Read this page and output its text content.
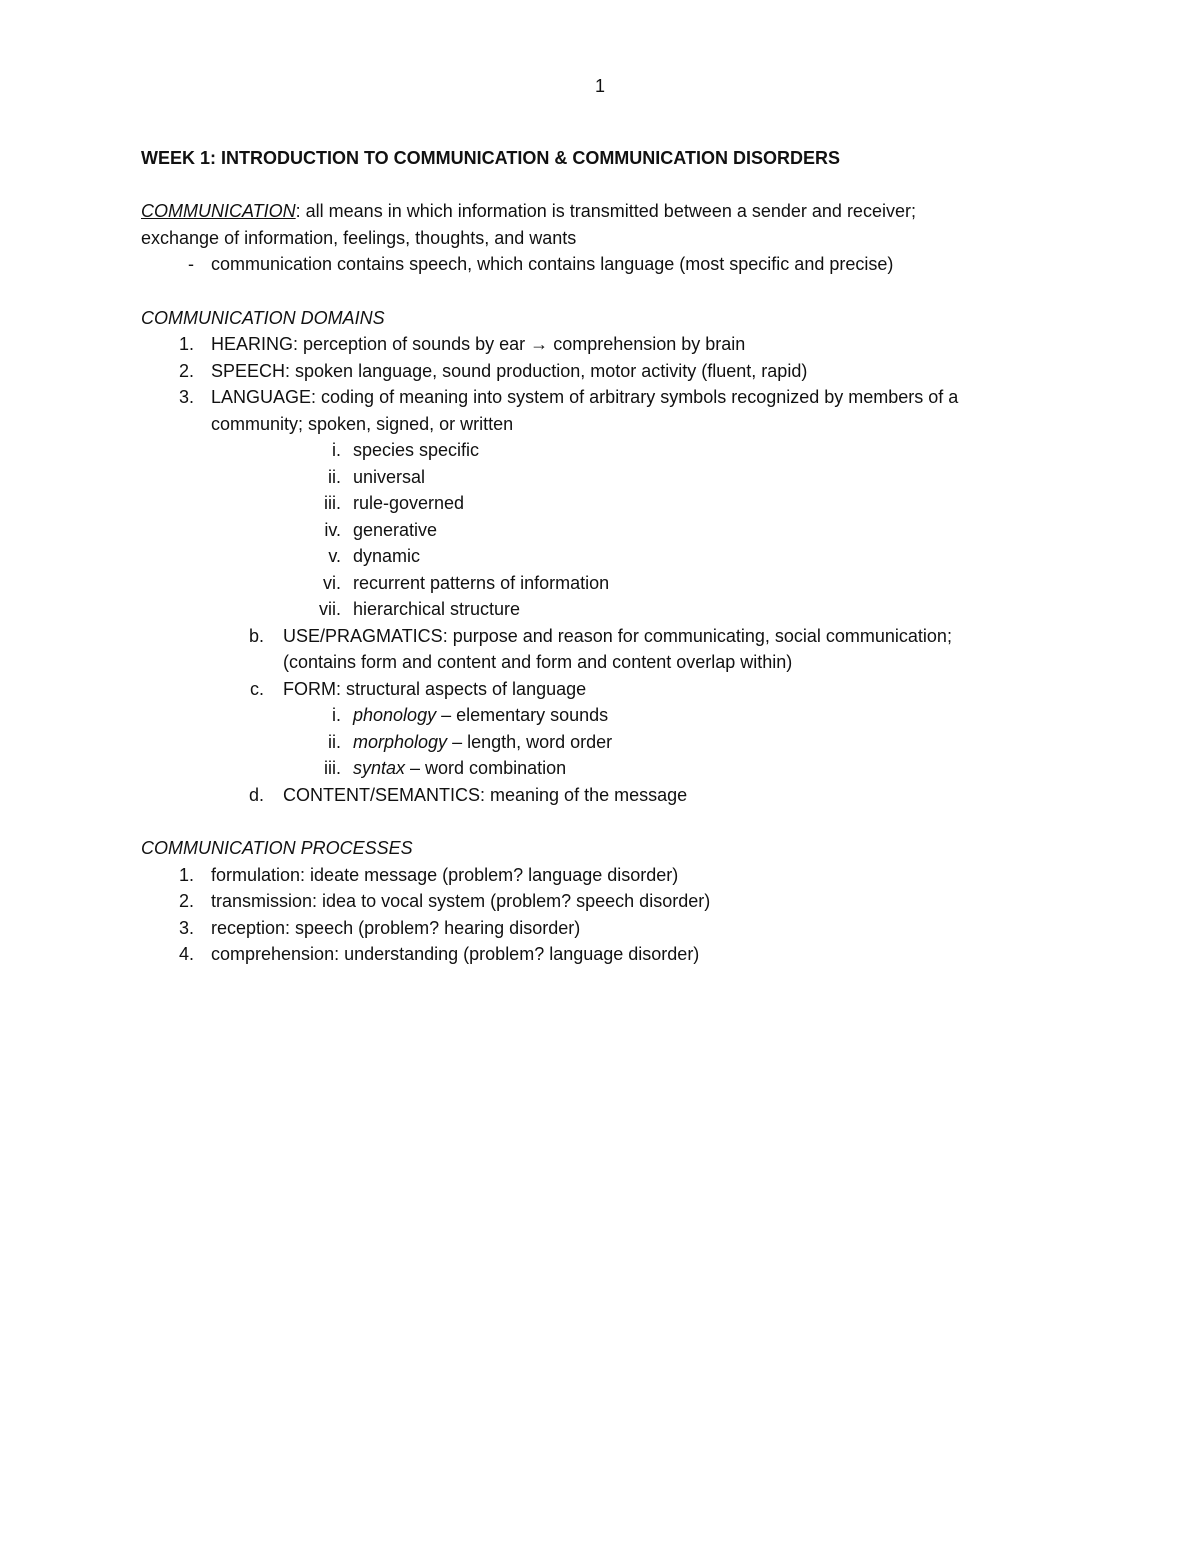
1
WEEK 1: INTRODUCTION TO COMMUNICATION & COMMUNICATION DISORDERS
COMMUNICATION: all means in which information is transmitted between a sender and receiver;
exchange of information, feelings, thoughts, and wants
- communication contains speech, which contains language (most specific and precise)
COMMUNICATION DOMAINS
1. HEARING: perception of sounds by ear → comprehension by brain
2. SPEECH: spoken language, sound production, motor activity (fluent, rapid)
3. LANGUAGE: coding of meaning into system of arbitrary symbols recognized by members of a
community; spoken, signed, or written
i. species specific
ii. universal
iii. rule-governed
iv. generative
v. dynamic
vi. recurrent patterns of information
vii. hierarchical structure
b. USE/PRAGMATICS: purpose and reason for communicating, social communication;
(contains form and content and form and content overlap within)
c. FORM: structural aspects of language
i. phonology – elementary sounds
ii. morphology – length, word order
iii. syntax – word combination
d. CONTENT/SEMANTICS: meaning of the message
COMMUNICATION PROCESSES
1. formulation: ideate message (problem? language disorder)
2. transmission: idea to vocal system (problem? speech disorder)
3. reception: speech (problem? hearing disorder)
4. comprehension: understanding (problem? language disorder)
